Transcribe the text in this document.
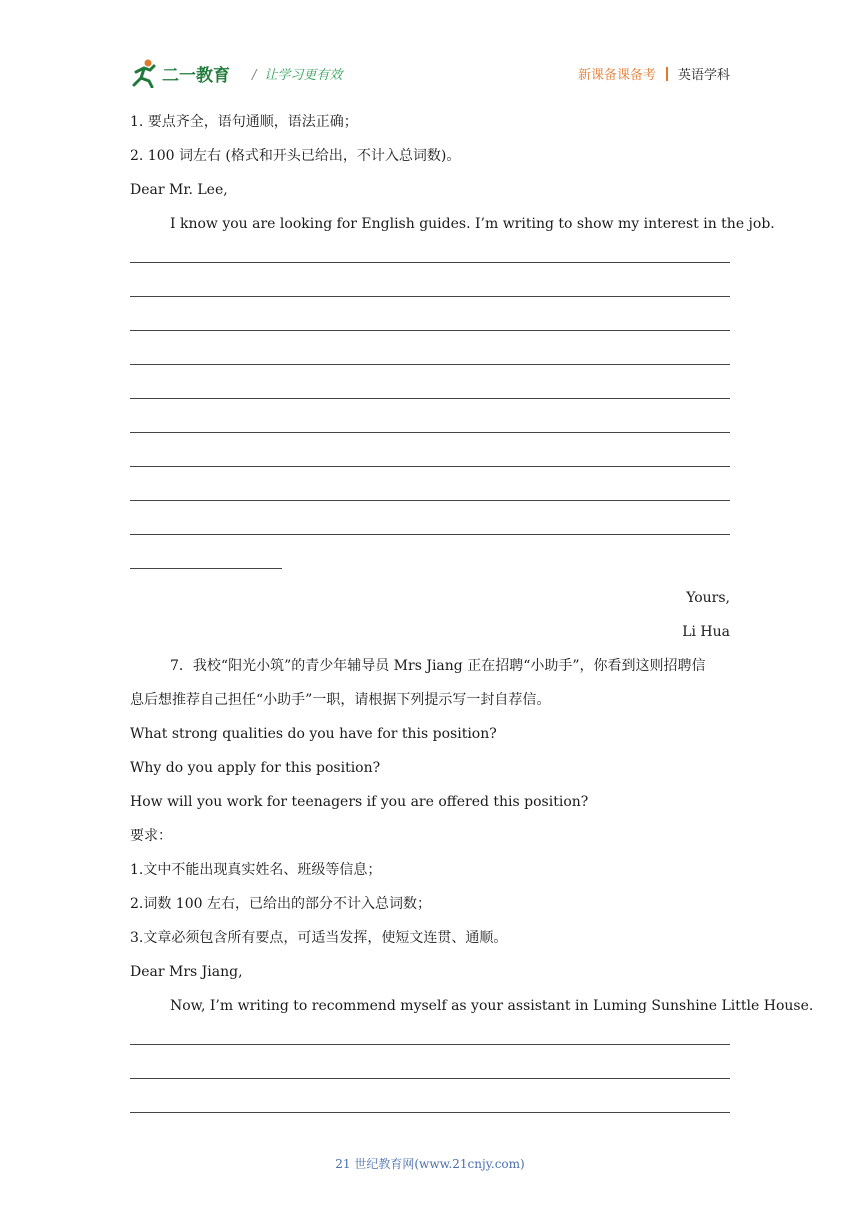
二一教育 / 让学习更有效	新课备课备考 英语学科
1. 要点齐全，语句通顺，语法正确；
2. 100 词左右 (格式和开头已给出，不计入总词数)。
Dear Mr. Lee,
I know you are looking for English guides. I’m writing to show my interest in the job.
Yours,
Li Hua
7．我校“阳光小筑”的青少年辅导员 Mrs Jiang 正在招聘“小助手”，你看到这则招聘信
息后想推荐自己担任“小助手”一职，请根据下列提示写一封自荐信。
What strong qualities do you have for this position?
Why do you apply for this position?
How will you work for teenagers if you are offered this position?
要求：
1.文中不能出现真实姓名、班级等信息；
2.词数 100 左右，已给出的部分不计入总词数；
3.文章必须包含所有要点，可适当发挥，使短文连贯、通顺。
Dear Mrs Jiang,
Now, I’m writing to recommend myself as your assistant in Luming Sunshine Little House.
21 世纪教育网(www.21cnjy.com)
